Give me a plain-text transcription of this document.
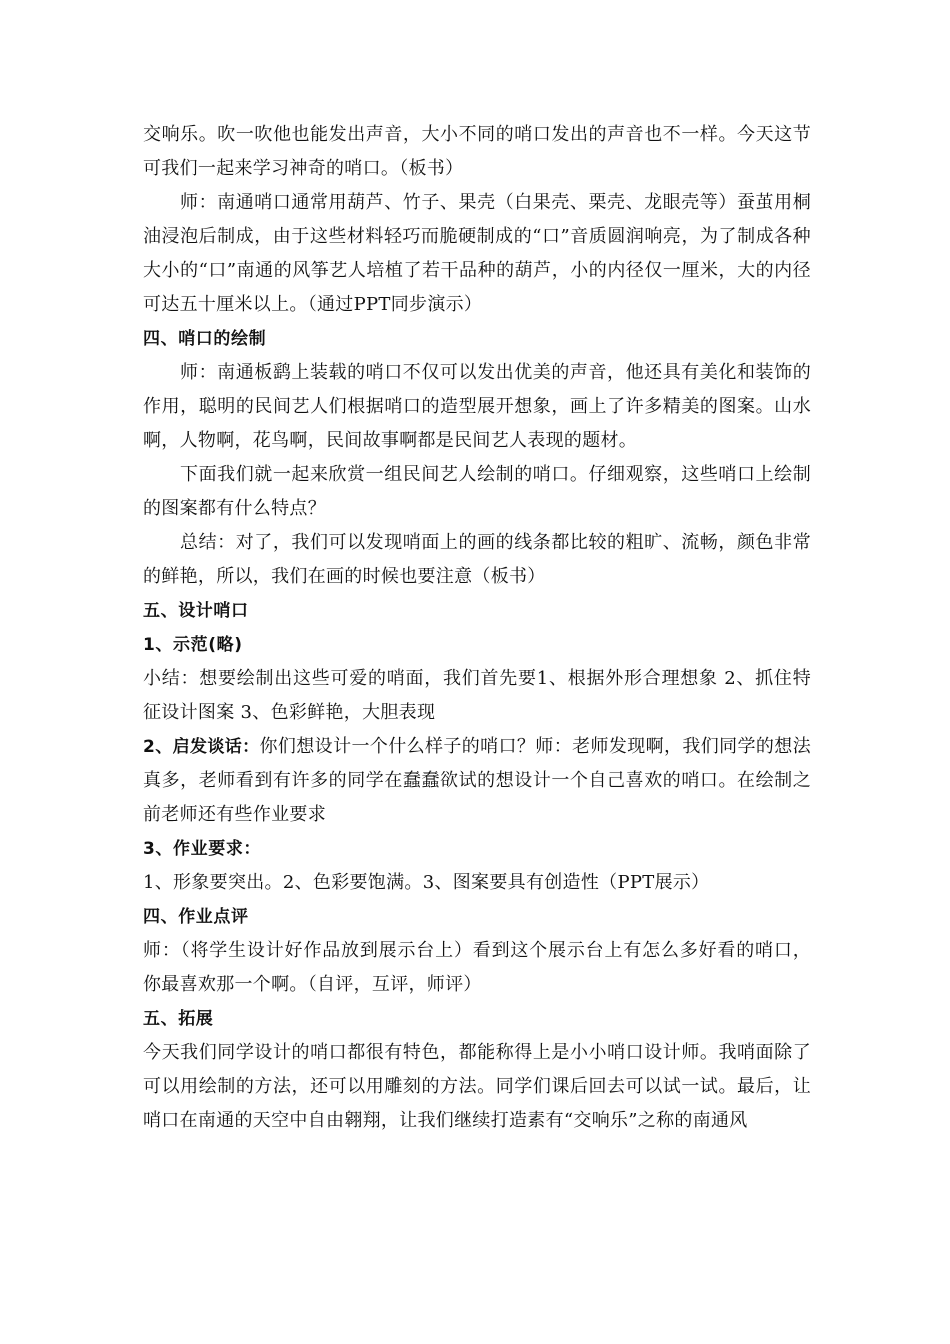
交响乐。吹一吹他也能发出声音，大小不同的哨口发出的声音也不一样。今天这节可我们一起来学习神奇的哨口。（板书）

师：南通哨口通常用葫芦、竹子、果壳（白果壳、栗壳、龙眼壳等）蚕茧用桐油浸泡后制成，由于这些材料轻巧而脆硬制成的“口”音质圆润响亮，为了制成各种大小的“口”南通的风筝艺人培植了若干品种的葫芦，小的内径仅一厘米，大的内径可达五十厘米以上。（通过PPT同步演示）

四、哨口的绘制

师：南通板鹞上装载的哨口不仅可以发出优美的声音，他还具有美化和装饰的作用，聪明的民间艺人们根据哨口的造型展开想象，画上了许多精美的图案。山水啊，人物啊，花鸟啊，民间故事啊都是民间艺人表现的题材。

下面我们就一起来欣赏一组民间艺人绘制的哨口。仔细观察，这些哨口上绘制的图案都有什么特点？

总结：对了，我们可以发现哨面上的画的线条都比较的粗旷、流畅，颜色非常的鲜艳，所以，我们在画的时候也要注意（板书）

五、设计哨口

1、示范(略)

小结：想要绘制出这些可爱的哨面，我们首先要1、根据外形合理想象 2、抓住特征设计图案 3、色彩鲜艳，大胆表现

2、启发谈话：你们想设计一个什么样子的哨口？师：老师发现啊，我们同学的想法真多，老师看到有许多的同学在蠢蠢欲试的想设计一个自己喜欢的哨口。在绘制之前老师还有些作业要求

3、作业要求：

1、形象要突出。2、色彩要饱满。3、图案要具有创造性（PPT展示）

四、作业点评

师：（将学生设计好作品放到展示台上）看到这个展示台上有怎么多好看的哨口，你最喜欢那一个啊。（自评，互评，师评）

五、拓展

今天我们同学设计的哨口都很有特色，都能称得上是小小哨口设计师。我哨面除了可以用绘制的方法，还可以用雕刻的方法。同学们课后回去可以试一试。最后，让哨口在南通的天空中自由翱翔，让我们继续打造素有“交响乐”之称的南通风
